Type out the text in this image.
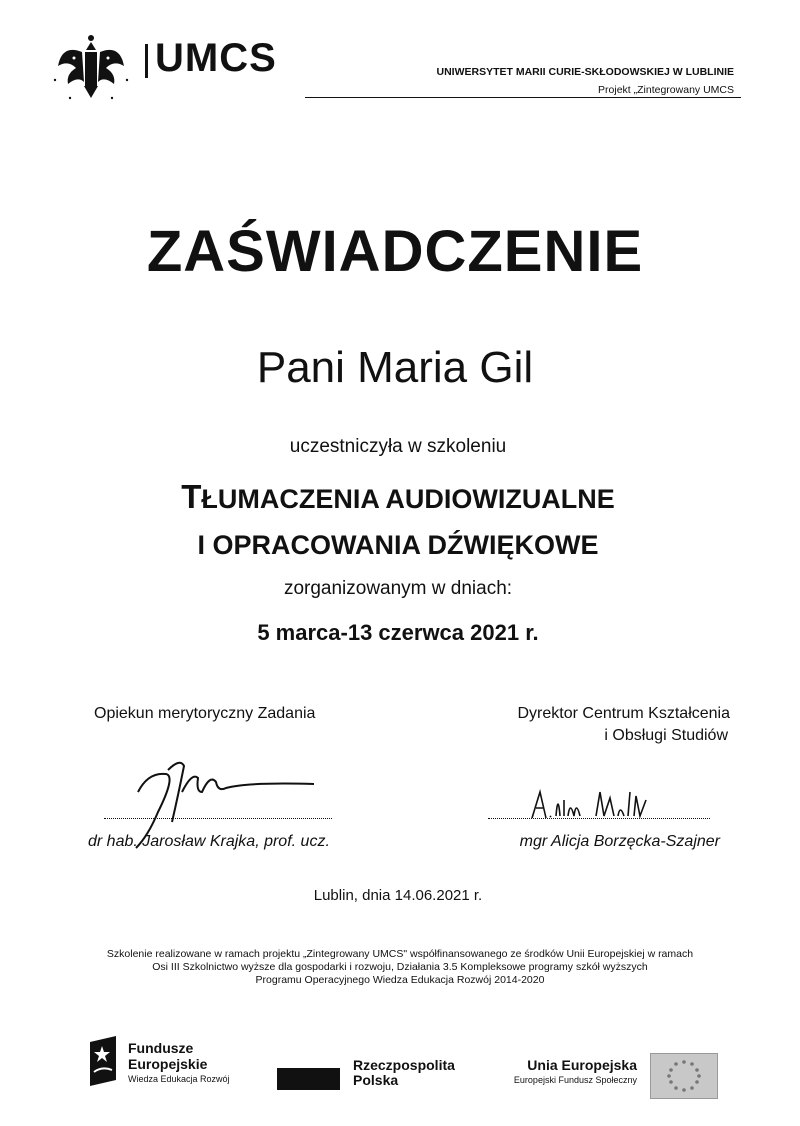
UMCS	UNIWERSYTET MARII CURIE-SKŁODOWSKIEJ W LUBLINIE
Projekt „Zintegrowany UMCS
ZAŚWIADCZENIE
Pani Maria Gil
uczestniczyła w szkoleniu
TŁUMACZENIA AUDIOWIZUALNE
I OPRACOWANIA DŹWIĘKOWE
zorganizowanym w dniach:
5 marca-13 czerwca 2021 r.
Opiekun merytoryczny Zadania	Dyrektor Centrum Kształcenia
i Obsługi Studiów
dr hab. Jarosław Krajka, prof. ucz.	mgr Alicja Borzęcka-Szajner
Lublin, dnia 14.06.2021 r.
Szkolenie realizowane w ramach projektu „Zintegrowany UMCS" współfinansowanego ze środków Unii Europejskiej w ramach
Osi III Szkolnictwo wyższe dla gospodarki i rozwoju, Działania 3.5 Kompleksowe programy szkół wyższych
Programu Operacyjnego Wiedza Edukacja Rozwój 2014-2020
Fundusze
Europejskie
Wiedza Edukacja Rozwój
Rzeczpospolita
Polska
Unia Europejska
Europejski Fundusz Społeczny
